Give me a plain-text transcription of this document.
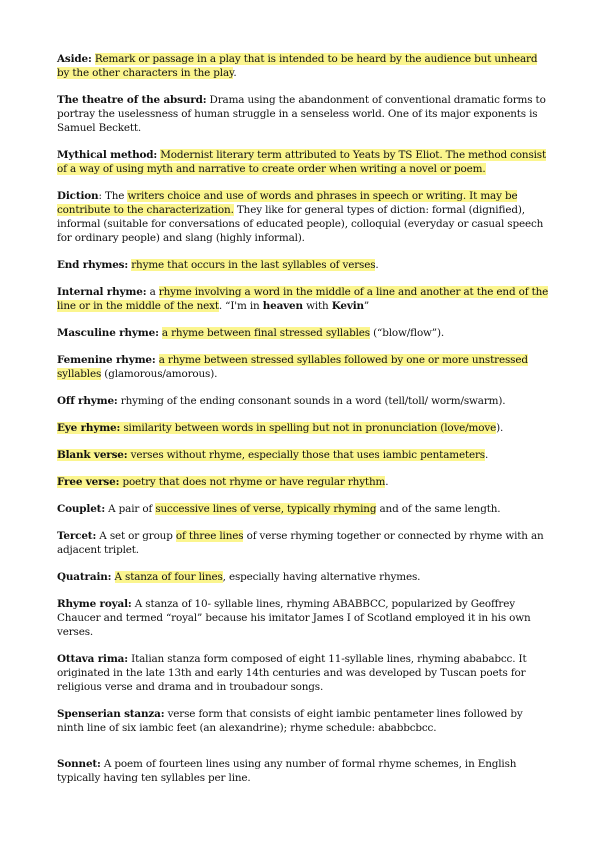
Aside: Remark or passage in a play that is intended to be heard by the audience but unheard by the other characters in the play.

The theatre of the absurd: Drama using the abandonment of conventional dramatic forms to portray the uselessness of human struggle in a senseless world. One of its major exponents is Samuel Beckett.

Mythical method: Modernist literary term attributed to Yeats by TS Eliot. The method consist of a way of using myth and narrative to create order when writing a novel or poem.

Diction: The writers choice and use of words and phrases in speech or writing. It may be contribute to the characterization. They like for general types of diction: formal (dignified), informal (suitable for conversations of educated people), colloquial (everyday or casual speech for ordinary people) and slang (highly informal).

End rhymes: rhyme that occurs in the last syllables of verses.

Internal rhyme: a rhyme involving a word in the middle of a line and another at the end of the line or in the middle of the next. “I'm in heaven with Kevin”

Masculine rhyme: a rhyme between final stressed syllables (“blow/flow”).

Femenine rhyme: a rhyme between stressed syllables followed by one or more unstressed syllables (glamorous/amorous).

Off rhyme: rhyming of the ending consonant sounds in a word (tell/toll/ worm/swarm).

Eye rhyme: similarity between words in spelling but not in pronunciation (love/move).

Blank verse: verses without rhyme, especially those that uses iambic pentameters.

Free verse: poetry that does not rhyme or have regular rhythm.

Couplet: A pair of successive lines of verse, typically rhyming and of the same length.

Tercet: A set or group of three lines of verse rhyming together or connected by rhyme with an adjacent triplet.

Quatrain: A stanza of four lines, especially having alternative rhymes.

Rhyme royal: A stanza of 10- syllable lines, rhyming ABABBCC, popularized by Geoffrey Chaucer and termed “royal” because his imitator James I of Scotland employed it in his own verses.

Ottava rima: Italian stanza form composed of eight 11-syllable lines, rhyming abababcc. It originated in the late 13th and early 14th centuries and was developed by Tuscan poets for religious verse and drama and in troubadour songs.

Spenserian stanza: verse form that consists of eight iambic pentameter lines followed by ninth line of six iambic feet (an alexandrine); rhyme schedule: ababbcbcc.

Sonnet: A poem of fourteen lines using any number of formal rhyme schemes, in English typically having ten syllables per line.
